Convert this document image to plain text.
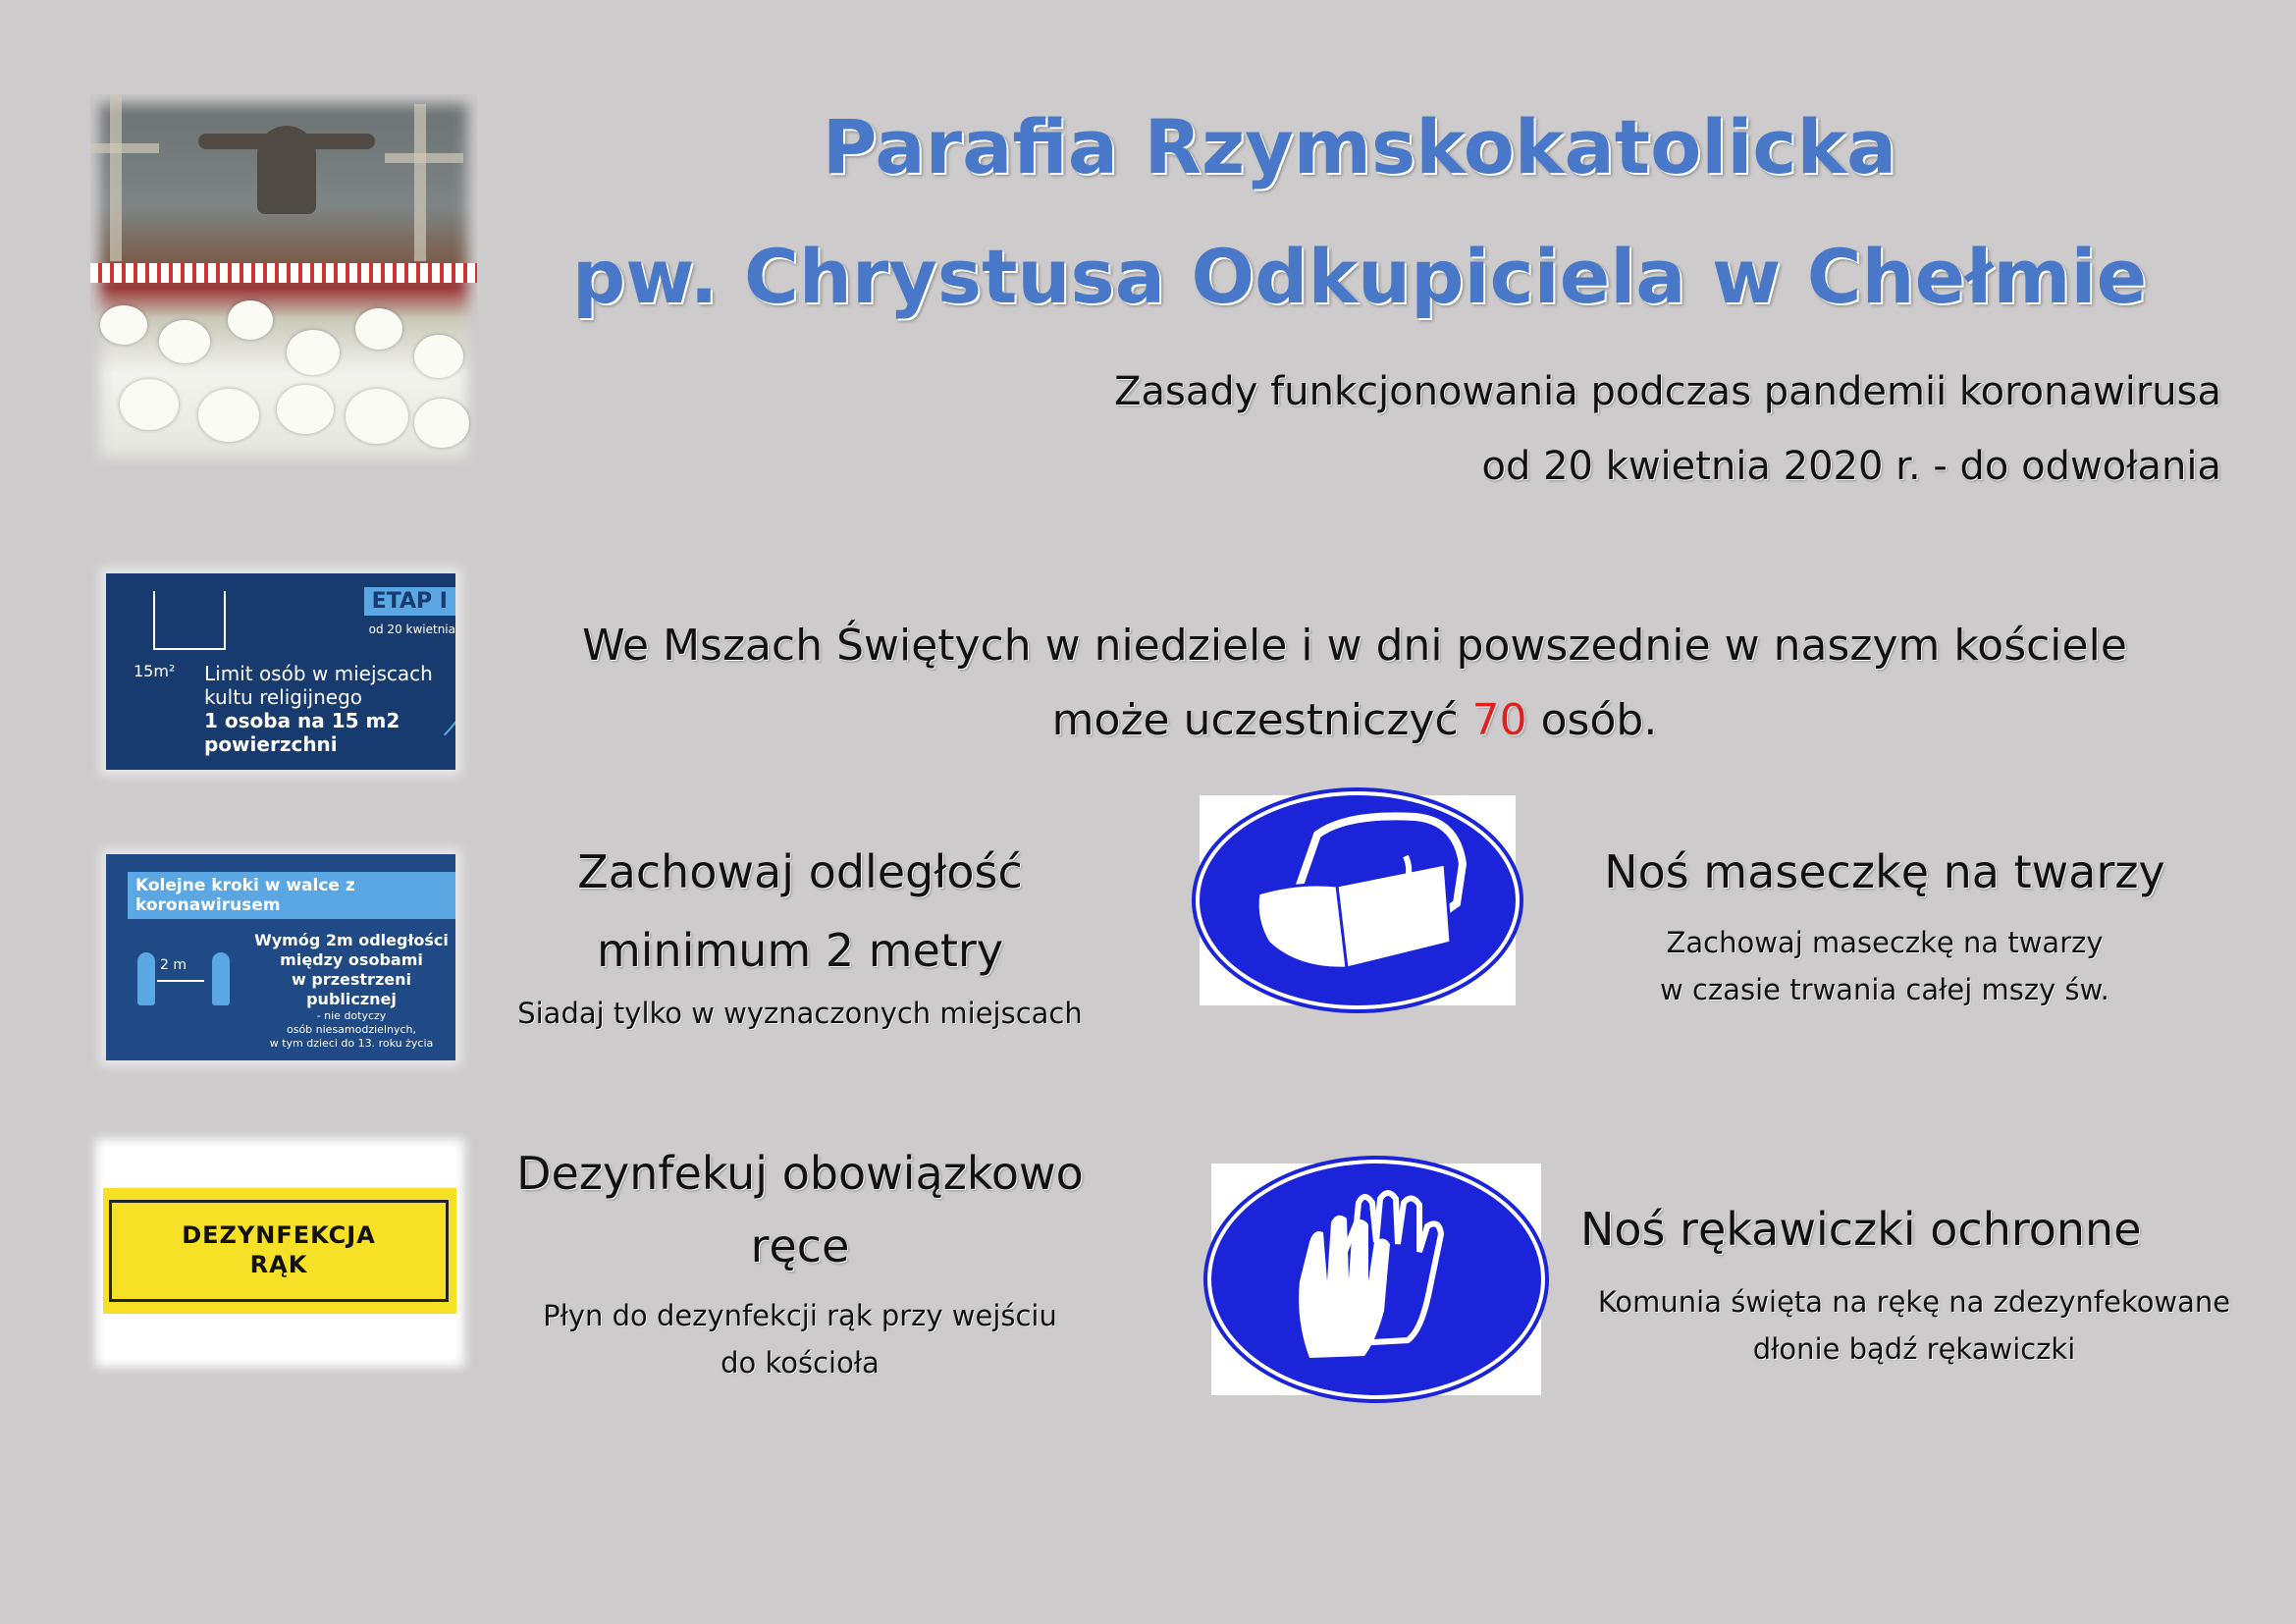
Parafia Rzymskokatolicka
pw. Chrystusa Odkupiciela w Chełmie
Zasady funkcjonowania podczas pandemii koronawirusa
od 20 kwietnia 2020 r. - do odwołania
ETAP I
od 20 kwietnia
15m² Limit osób w miejscach
kultu religijnego
1 osoba na 15 m2
powierzchni
We Mszach Świętych w niedziele i w dni powszednie w naszym kościele
może uczestniczyć 70 osób.
Kolejne kroki w walce z koronawirusem
2 m
Wymóg 2m odległości
między osobami
w przestrzeni publicznej
- nie dotyczy
osób niesamodzielnych,
w tym dzieci do 13. roku życia
Zachowaj odległość
minimum 2 metry
Siadaj tylko w wyznaczonych miejscach
Noś maseczkę na twarzy
Zachowaj maseczkę na twarzy
w czasie trwania całej mszy św.
DEZYNFEKCJA
RĄK
Dezynfekuj obowiązkowo
ręce
Płyn do dezynfekcji rąk przy wejściu
do kościoła
Noś rękawiczki ochronne
Komunia święta na rękę na zdezynfekowane
dłonie bądź rękawiczki
